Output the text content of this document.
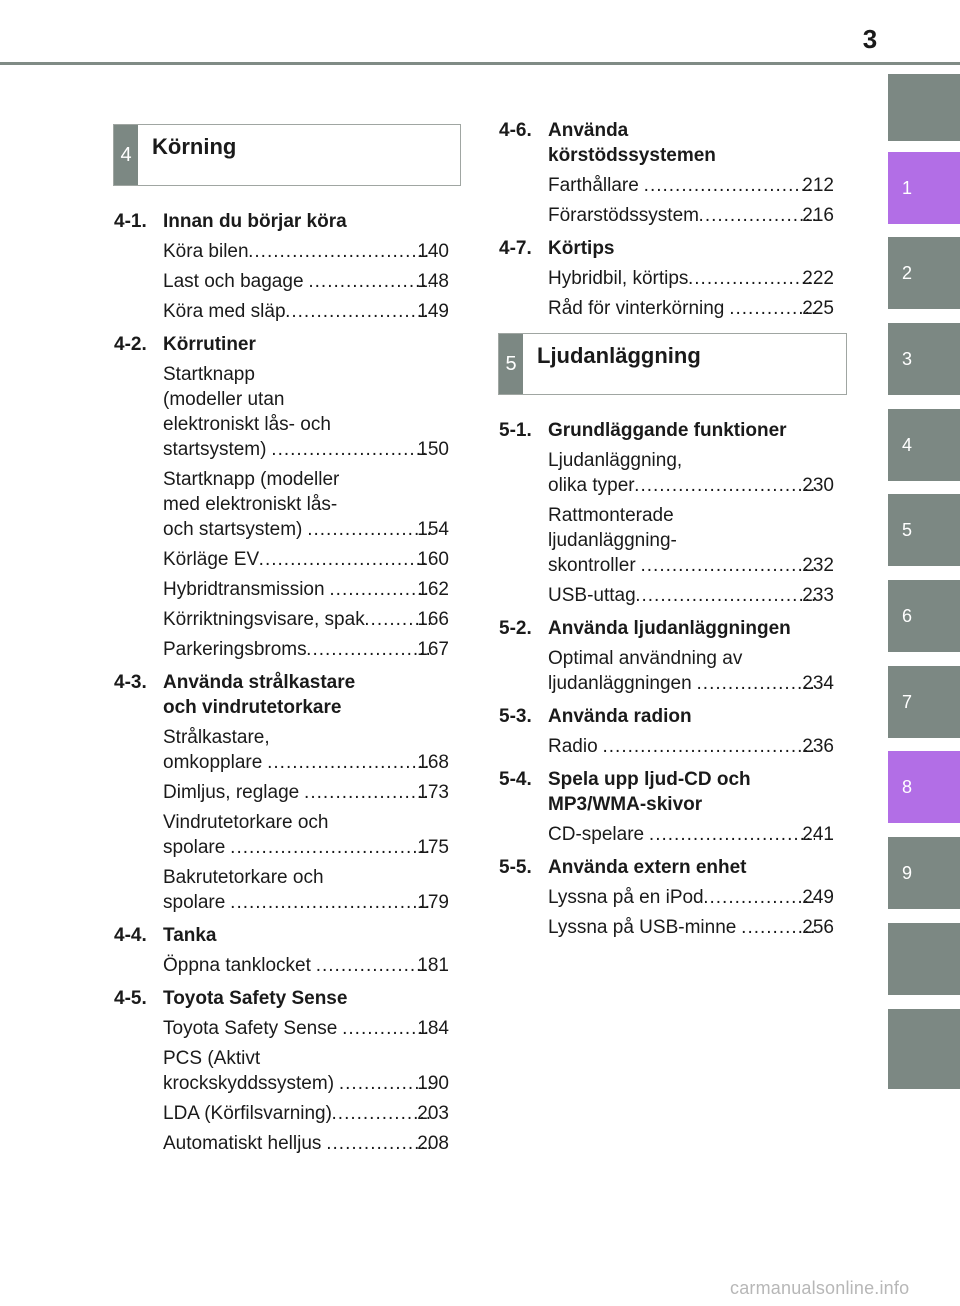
3
1
2
3
4
5
6
7
8
9
4 Körning
5 Ljudanläggning
4-1. Innan du börjar köra
Köra bilen .....	140
Last och bagage .....	148
Köra med släp .....	149
4-2. Körrutiner
Startknapp
(modeller utan
elektroniskt lås- och
startsystem) .....	150
Startknapp (modeller
med elektroniskt lås-
och startsystem) .....	154
Körläge EV .....	160
Hybridtransmission .....	162
Körriktningsvisare, spak .....	166
Parkeringsbroms .....	167
4-3. Använda strålkastare
och vindrutetorkare
Strålkastare,
omkopplare .....	168
Dimljus, reglage .....	173
Vindrutetorkare och
spolare .....	175
Bakrutetorkare och
spolare .....	179
4-4. Tanka
Öppna tanklocket .....	181
4-5. Toyota Safety Sense
Toyota Safety Sense .....	184
PCS (Aktivt
krockskyddssystem) .....	190
LDA (Körfilsvarning) .....	203
Automatiskt helljus .....	208
4-6. Använda
körstödssystemen
Farthållare .....	212
Förarstödssystem .....	216
4-7. Körtips
Hybridbil, körtips .....	222
Råd för vinterkörning .....	225
5-1. Grundläggande funktioner
Ljudanläggning,
olika typer .....	230
Rattmonterade
ljudanläggning-
skontroller .....	232
USB-uttag .....	233
5-2. Använda ljudanläggningen
Optimal användning av
ljudanläggningen .....	234
5-3. Använda radion
Radio .....	236
5-4. Spela upp ljud-CD och
MP3/WMA-skivor
CD-spelare .....	241
5-5. Använda extern enhet
Lyssna på en iPod .....	249
Lyssna på USB-minne .....	256
carmanualsonline.info
